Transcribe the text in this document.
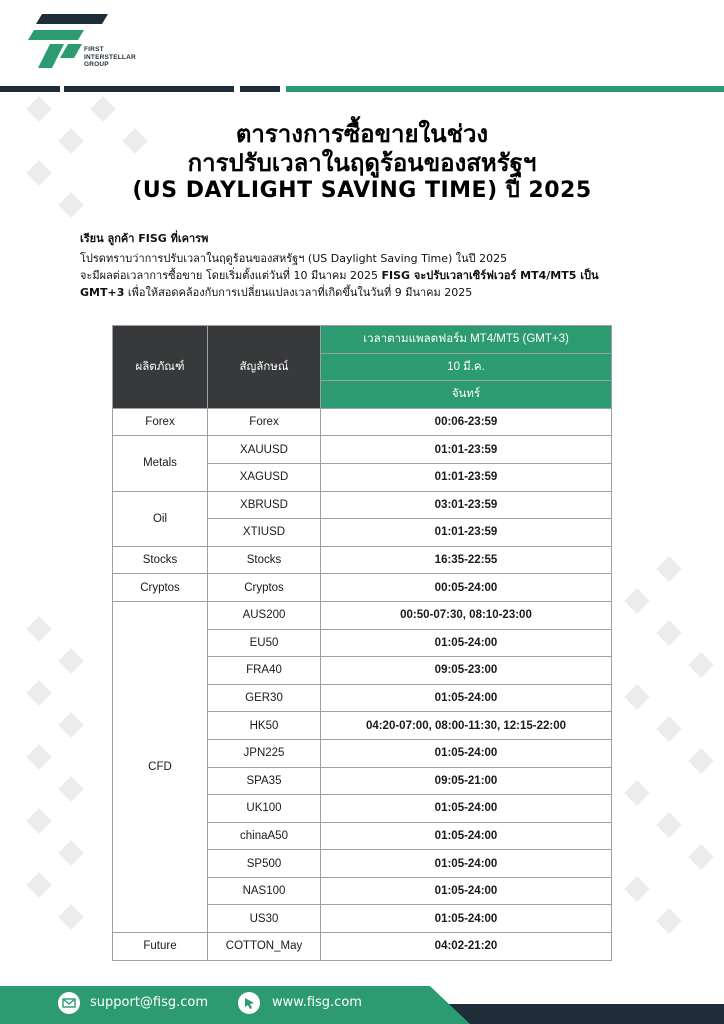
FIRST
INTERSTELLAR
GROUP
ตารางการซื้อขายในช่วง
การปรับเวลาในฤดูร้อนของสหรัฐฯ
(US DAYLIGHT SAVING TIME) ปี 2025
เรียน ลูกค้า FISG ที่เคารพ
โปรดทราบว่าการปรับเวลาในฤดูร้อนของสหรัฐฯ (US Daylight Saving Time) ในปี 2025
จะมีผลต่อเวลาการซื้อขาย โดยเริ่มตั้งแต่วันที่ 10 มีนาคม 2025 FISG จะปรับเวลาเซิร์ฟเวอร์ MT4/MT5 เป็น
GMT+3 เพื่อให้สอดคล้องกับการเปลี่ยนแปลงเวลาที่เกิดขึ้นในวันที่ 9 มีนาคม 2025
ผลิตภัณฑ์	สัญลักษณ์	เวลาตามแพลตฟอร์ม MT4/MT5 (GMT+3)
		10 มี.ค.
		จันทร์
Forex	Forex	00:06-23:59
Metals	XAUUSD	01:01-23:59
	XAGUSD	01:01-23:59
Oil	XBRUSD	03:01-23:59
	XTIUSD	01:01-23:59
Stocks	Stocks	16:35-22:55
Cryptos	Cryptos	00:05-24:00
CFD	AUS200	00:50-07:30, 08:10-23:00
	EU50	01:05-24:00
	FRA40	09:05-23:00
	GER30	01:05-24:00
	HK50	04:20-07:00, 08:00-11:30, 12:15-22:00
	JPN225	01:05-24:00
	SPA35	09:05-21:00
	UK100	01:05-24:00
	chinaA50	01:05-24:00
	SP500	01:05-24:00
	NAS100	01:05-24:00
	US30	01:05-24:00
Future	COTTON_May	04:02-21:20
support@fisg.com	www.fisg.com
